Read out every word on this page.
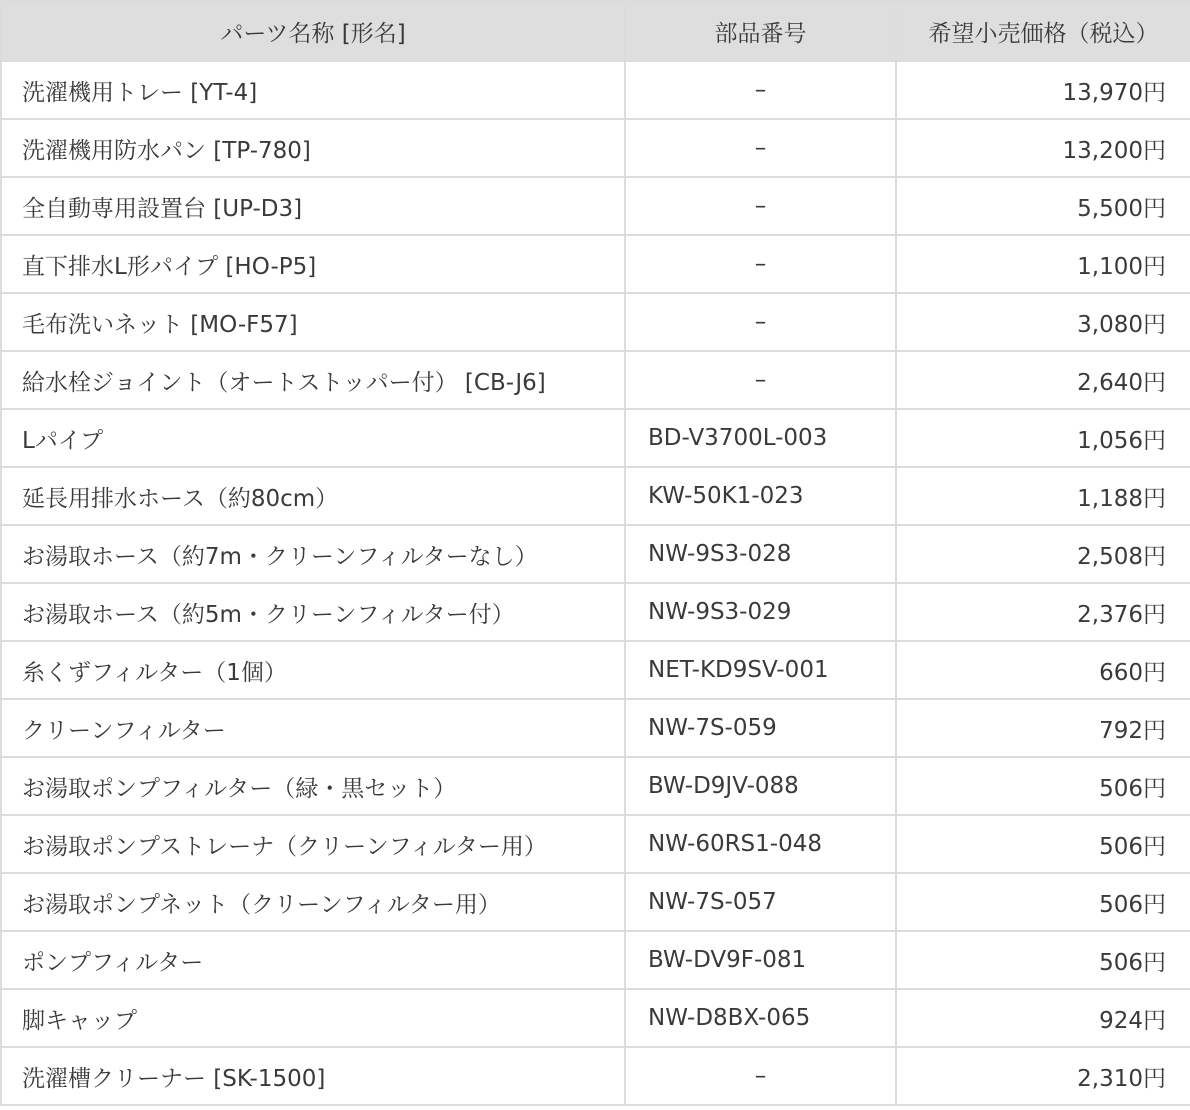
パーツ名称 [形名]	部品番号	希望小売価格（税込）
洗濯機用トレー [YT-4]	–	13,970円
洗濯機用防水パン [TP-780]	–	13,200円
全自動専用設置台 [UP-D3]	–	5,500円
直下排水L形パイプ [HO-P5]	–	1,100円
毛布洗いネット [MO-F57]	–	3,080円
給水栓ジョイント（オートストッパー付） [CB-J6]	–	2,640円
Lパイプ	BD-V3700L-003	1,056円
延長用排水ホース（約80cm）	KW-50K1-023	1,188円
お湯取ホース（約7m・クリーンフィルターなし）	NW-9S3-028	2,508円
お湯取ホース（約5m・クリーンフィルター付）	NW-9S3-029	2,376円
糸くずフィルター（1個）	NET-KD9SV-001	660円
クリーンフィルター	NW-7S-059	792円
お湯取ポンプフィルター（緑・黒セット）	BW-D9JV-088	506円
お湯取ポンプストレーナ（クリーンフィルター用）	NW-60RS1-048	506円
お湯取ポンプネット（クリーンフィルター用）	NW-7S-057	506円
ポンプフィルター	BW-DV9F-081	506円
脚キャップ	NW-D8BX-065	924円
洗濯槽クリーナー [SK-1500]	–	2,310円
